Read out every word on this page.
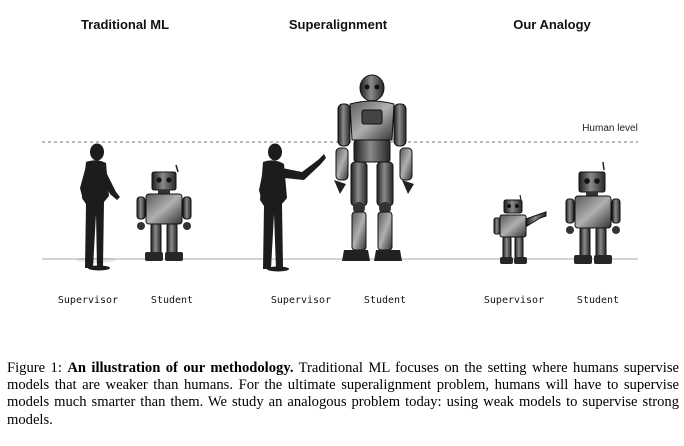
Traditional ML	Superalignment	Our Analogy
Human level
Supervisor	Student	Supervisor	Student	Supervisor	Student
Figure 1: An illustration of our methodology. Traditional ML focuses on the setting where humans supervise models that are weaker than humans. For the ultimate superalignment problem, humans will have to supervise models much smarter than them. We study an analogous problem today: using weak models to supervise strong models.
